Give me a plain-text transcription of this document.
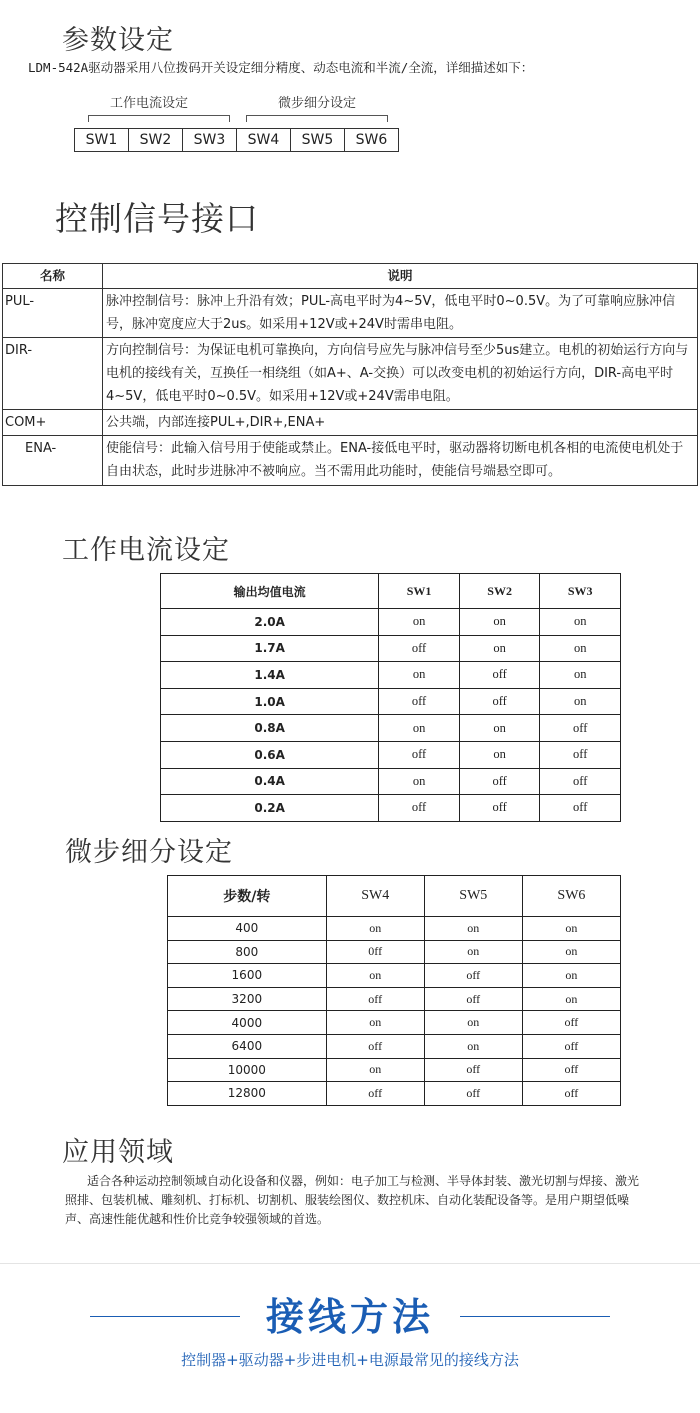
参数设定
LDM-542A驱动器采用八位拨码开关设定细分精度、动态电流和半流/全流，详细描述如下：
工作电流设定	微步细分设定
SW1	SW2	SW3	SW4	SW5	SW6
控制信号接口
名称	说明
PUL-	脉冲控制信号：脉冲上升沿有效；PUL-高电平时为4~5V，低电平时0~0.5V。为了可靠响应脉冲信号，脉冲宽度应大于2us。如采用+12V或+24V时需串电阻。
DIR-	方向控制信号：为保证电机可靠换向，方向信号应先与脉冲信号至少5us建立。电机的初始运行方向与电机的接线有关，互换任一相绕组（如A+、A-交换）可以改变电机的初始运行方向，DIR-高电平时4~5V，低电平时0~0.5V。如采用+12V或+24V需串电阻。
COM+	公共端，内部连接PUL+,DIR+,ENA+
ENA-	使能信号：此输入信号用于使能或禁止。ENA-接低电平时，驱动器将切断电机各相的电流使电机处于自由状态，此时步进脉冲不被响应。当不需用此功能时，使能信号端悬空即可。
工作电流设定
输出均值电流	SW1	SW2	SW3
2.0A	on	on	on
1.7A	off	on	on
1.4A	on	off	on
1.0A	off	off	on
0.8A	on	on	off
0.6A	off	on	off
0.4A	on	off	off
0.2A	off	off	off
微步细分设定
步数/转	SW4	SW5	SW6
400	on	on	on
800	0ff	on	on
1600	on	off	on
3200	off	off	on
4000	on	on	off
6400	off	on	off
10000	on	off	off
12800	off	off	off
应用领域
适合各种运动控制领域自动化设备和仪器，例如：电子加工与检测、半导体封装、激光切割与焊接、激光照排、包装机械、雕刻机、打标机、切割机、服装绘图仪、数控机床、自动化装配设备等。是用户期望低噪声、高速性能优越和性价比竞争较强领域的首选。
接线方法
控制器+驱动器+步进电机+电源最常见的接线方法
